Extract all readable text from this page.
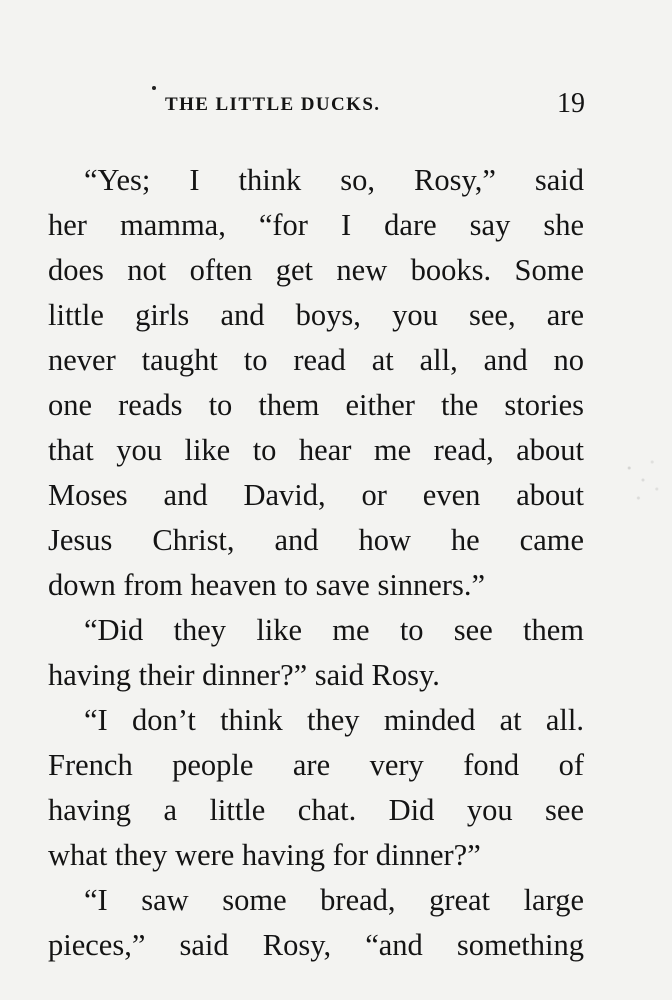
THE LITTLE DUCKS.	19
“Yes; I think so, Rosy,” said
her mamma, “for I dare say she
does not often get new books. Some
little girls and boys, you see, are
never taught to read at all, and no
one reads to them either the stories
that you like to hear me read, about
Moses and David, or even about
Jesus Christ, and how he came
down from heaven to save sinners.”
“Did they like me to see them
having their dinner?” said Rosy.
“I don’t think they minded at all.
French people are very fond of
having a little chat. Did you see
what they were having for dinner?”
“I saw some bread, great large
pieces,” said Rosy, “and something
